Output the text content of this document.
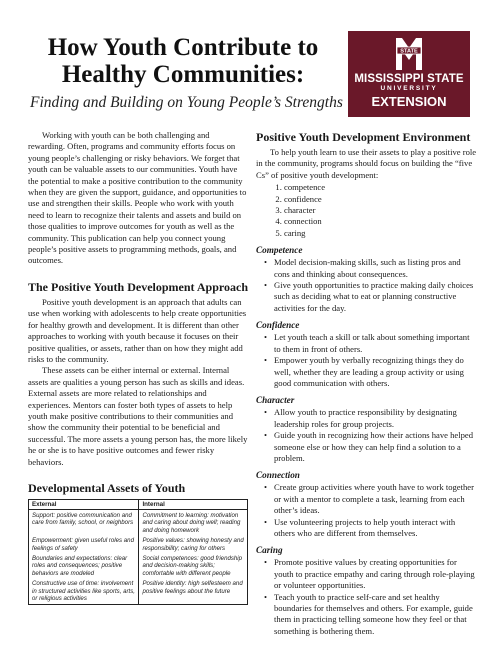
How Youth Contribute to
Healthy Communities:
Finding and Building on Young People’s Strengths
STATE
MISSISSIPPI STATE
UNIVERSITY
EXTENSION

Working with youth can be both challenging and rewarding. Often, programs and community efforts focus on young people’s challenging or risky behaviors. We forget that youth can be valuable assets to our communities. Youth have the potential to make a positive contribution to the community when they are given the support, guidance, and opportunities to use and strengthen their skills. People who work with youth need to learn to recognize their talents and assets and build on those qualities to improve outcomes for youth as well as the community. This publication can help you connect young people’s positive assets to programming methods, goals, and outcomes.

The Positive Youth Development Approach

Positive youth development is an approach that adults can use when working with adolescents to help create opportunities for healthy growth and development. It is different than other approaches to working with youth because it focuses on their positive qualities, or assets, rather than on how they might add risks to the community.

These assets can be either internal or external. Internal assets are qualities a young person has such as skills and ideas. External assets are more related to relationships and experiences. Mentors can foster both types of assets to help youth make positive contributions to their communities and show the community their potential to be beneficial and successful. The more assets a young person has, the more likely he or she is to have positive outcomes and fewer risky behaviors.

Developmental Assets of Youth
External	Internal
Support: positive communication and care from family, school, or neighbors	Commitment to learning: motivation and caring about doing well; reading and doing homework
Empowerment: given useful roles and feelings of safety	Positive values: showing honesty and responsibility; caring for others
Boundaries and expectations: clear roles and consequences; positive behaviors are modeled	Social competences: good friendship and decision-making skills; comfortable with different people
Constructive use of time: involvement in structured activities like sports, arts, or religious activities	Positive identity: high selfesteem and positive feelings about the future
Positive Youth Development Environment

To help youth learn to use their assets to play a positive role in the community, programs should focus on building the “five Cs” of positive youth development:

1. competence
2. confidence
3. character
4. connection
5. caring
Competence
• Model decision-making skills, such as listing pros and cons and thinking about consequences.
• Give youth opportunities to practice making daily choices such as deciding what to eat or planning constructive activities for the day.
Confidence
• Let youth teach a skill or talk about something important to them in front of others.
• Empower youth by verbally recognizing things they do well, whether they are leading a group activity or using good communication with others.
Character
• Allow youth to practice responsibility by designating leadership roles for group projects.
• Guide youth in recognizing how their actions have helped someone else or how they can help find a solution to a problem.
Connection
• Create group activities where youth have to work together or with a mentor to complete a task, learning from each other’s ideas.
• Use volunteering projects to help youth interact with others who are different from themselves.
Caring
• Promote positive values by creating opportunities for youth to practice empathy and caring through role-playing or volunteer opportunities.
• Teach youth to practice self-care and set healthy boundaries for themselves and others. For example, guide them in practicing telling someone how they feel or that something is bothering them.
